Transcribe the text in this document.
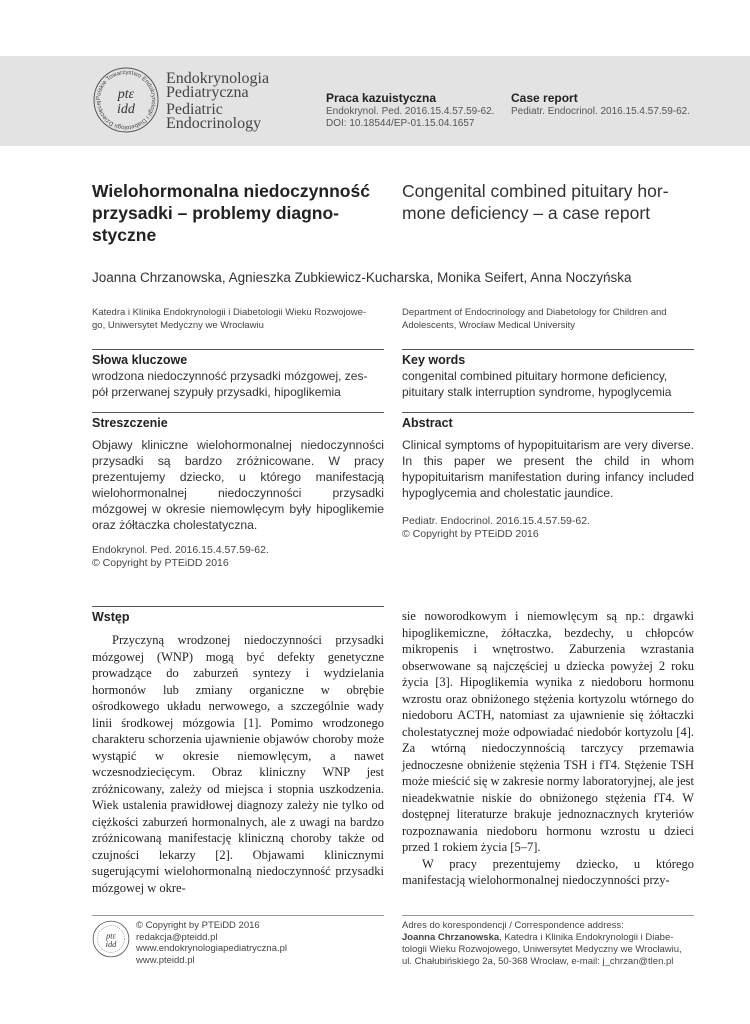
Polskie Towarzystwo Endokrynologii i Diabetologii Dziecięcej	ptɛ
idd
Endokrynologia
Pediatryczna
Pediatric
Endocrinology
Praca kazuistyczna
Endokrynol. Ped. 2016.15.4.57.59-62.
DOI: 10.18544/EP-01.15.04.1657
Case report
Pediatr. Endocrinol. 2016.15.4.57.59-62.
Wielohormonalna niedoczynność
przysadki – problemy diagno-
styczne
Congenital combined pituitary hor-
mone deficiency – a case report
Joanna Chrzanowska, Agnieszka Zubkiewicz-Kucharska, Monika Seifert, Anna Noczyńska
Katedra i Klinika Endokrynologii i Diabetologii Wieku Rozwojowe-
go, Uniwersytet Medyczny we Wrocławiu
Department of Endocrinology and Diabetology for Children and
Adolescents, Wrocław Medical University
Słowa kluczowe
wrodzona niedoczynność przysadki mózgowej, zes-
pół przerwanej szypuły przysadki, hipoglikemia
Key words
congenital combined pituitary hormone deficiency,
pituitary stalk interruption syndrome, hypoglycemia
Streszczenie
Objawy kliniczne wielohormonalnej niedoczynności przysadki są bardzo zróżnicowane. W pracy prezentujemy dziecko, u którego manifestacją wielohormonalnej niedoczynności przysadki mózgowej w okresie niemowlęcym były hipoglikemie oraz żółtaczka cholestatyczna.
Abstract
Clinical symptoms of hypopituitarism are very diverse. In this paper we present the child in whom hypopituitarism manifestation during infancy included hypoglycemia and cholestatic jaundice.
Endokrynol. Ped. 2016.15.4.57.59-62.
© Copyright by PTEiDD 2016
Pediatr. Endocrinol. 2016.15.4.57.59-62.
© Copyright by PTEiDD 2016
Wstęp

Przyczyną wrodzonej niedoczynności przysadki mózgowej (WNP) mogą być defekty genetyczne prowadzące do zaburzeń syntezy i wydzielania hormonów lub zmiany organiczne w obrębie ośrodkowego układu nerwowego, a szczególnie wady linii środkowej mózgowia [1]. Pomimo wrodzonego charakteru schorzenia ujawnienie objawów choroby może wystąpić w okresie niemowlęcym, a nawet wczesnodziecięcym. Obraz kliniczny WNP jest zróżnicowany, zależy od miejsca i stopnia uszkodzenia. Wiek ustalenia prawidłowej diagnozy zależy nie tylko od ciężkości zaburzeń hormonalnych, ale z uwagi na bardzo zróżnicowaną manifestację kliniczną choroby także od czujności lekarzy [2]. Objawami klinicznymi sugerującymi wielohormonalną niedoczynność przysadki mózgowej w okre-

sie noworodkowym i niemowlęcym są np.: drgawki hipoglikemiczne, żółtaczka, bezdechy, u chłopców mikropenis i wnętrostwo. Zaburzenia wzrastania obserwowane są najczęściej u dziecka powyżej 2 roku życia [3]. Hipoglikemia wynika z niedoboru hormonu wzrostu oraz obniżonego stężenia kortyzolu wtórnego do niedoboru ACTH, natomiast za ujawnienie się żółtaczki cholestatycznej może odpowiadać niedobór kortyzolu [4]. Za wtórną niedoczynnością tarczycy przemawia jednoczesne obniżenie stężenia TSH i fT4. Stężenie TSH może mieścić się w zakresie normy laboratoryjnej, ale jest nieadekwatnie niskie do obniżonego stężenia fT4. W dostępnej literaturze brakuje jednoznacznych kryteriów rozpoznawania niedoboru hormonu wzrostu u dzieci przed 1 rokiem życia [5–7].

W pracy prezentujemy dziecko, u którego manifestacją wielohormonalnej niedoczynności przy-

ptɛ
idd
© Copyright by PTEiDD 2016
redakcja@pteidd.pl
www.endokrynologiapediatryczna.pl
www.pteidd.pl
Adres do korespondencji / Correspondence address:
Joanna Chrzanowska, Katedra i Klinika Endokrynologii i Diabe-
tologii Wieku Rozwojowego, Uniwersytet Medyczny we Wrocławiu,
ul. Chałubińskiego 2a, 50-368 Wrocław, e-mail: j_chrzan@tlen.pl
